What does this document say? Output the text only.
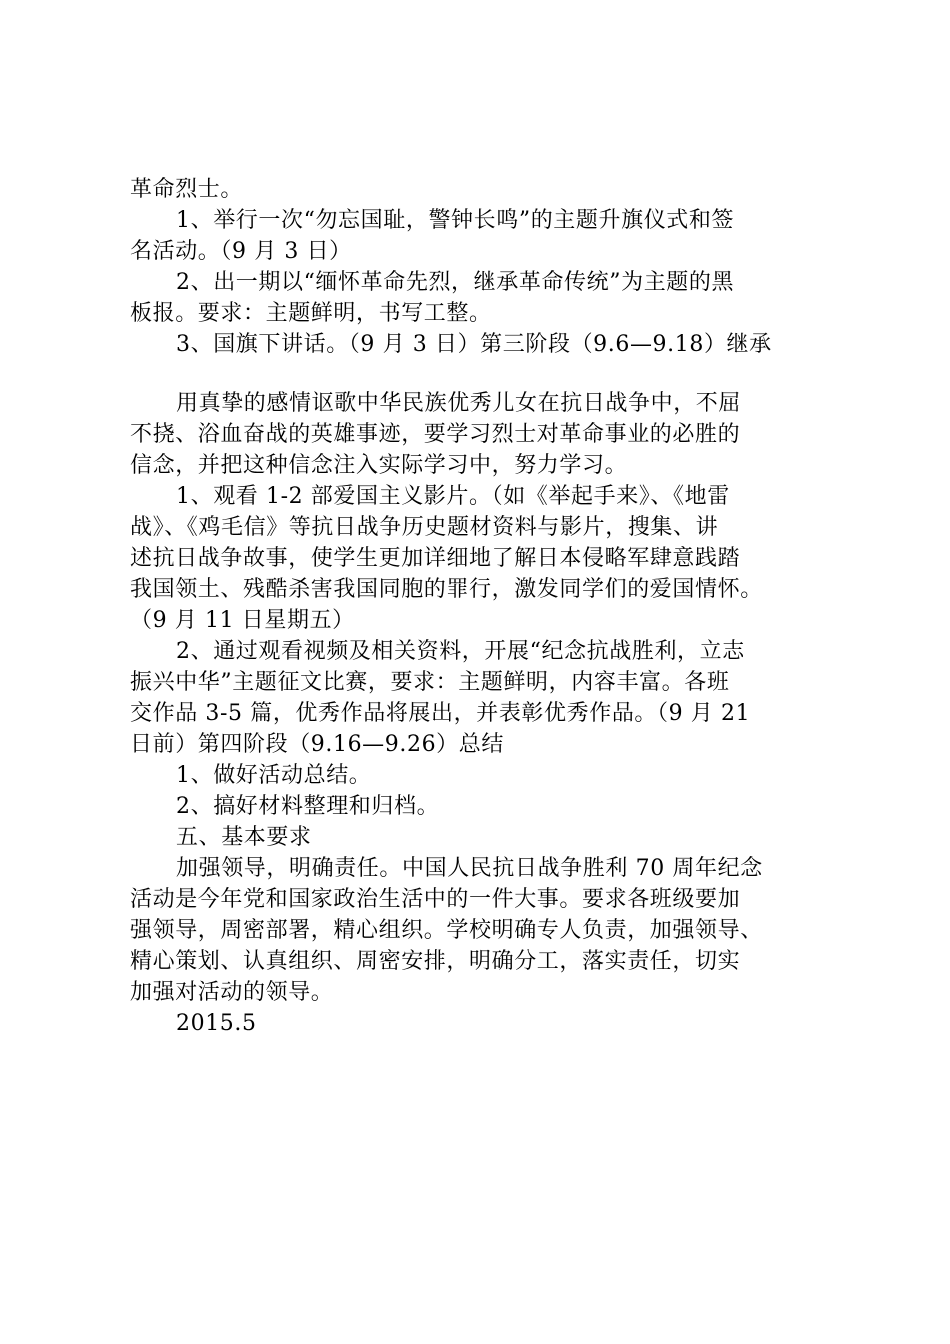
革命烈士。
1、举行一次“勿忘国耻，警钟长鸣”的主题升旗仪式和签
名活动。（9 月 3 日）
2、出一期以“缅怀革命先烈，继承革命传统”为主题的黑
板报。要求：主题鲜明，书写工整。
3、国旗下讲话。（9 月 3 日）第三阶段（9.6—9.18）继承
用真挚的感情讴歌中华民族优秀儿女在抗日战争中，不屈
不挠、浴血奋战的英雄事迹，要学习烈士对革命事业的必胜的
信念，并把这种信念注入实际学习中，努力学习。
1、观看 1-2 部爱国主义影片。（如《举起手来》、《地雷
战》、《鸡毛信》等抗日战争历史题材资料与影片，搜集、讲
述抗日战争故事，使学生更加详细地了解日本侵略军肆意践踏
我国领土、残酷杀害我国同胞的罪行，激发同学们的爱国情怀。
（9 月 11 日星期五）
2、通过观看视频及相关资料，开展“纪念抗战胜利，立志
振兴中华”主题征文比赛，要求：主题鲜明，内容丰富。各班
交作品 3-5 篇，优秀作品将展出，并表彰优秀作品。（9 月 21
日前）第四阶段（9.16—9.26）总结
1、做好活动总结。
2、搞好材料整理和归档。
五、基本要求
加强领导，明确责任。中国人民抗日战争胜利 70 周年纪念
活动是今年党和国家政治生活中的一件大事。要求各班级要加
强领导，周密部署，精心组织。学校明确专人负责，加强领导、
精心策划、认真组织、周密安排，明确分工，落实责任，切实
加强对活动的领导。
2015.5
